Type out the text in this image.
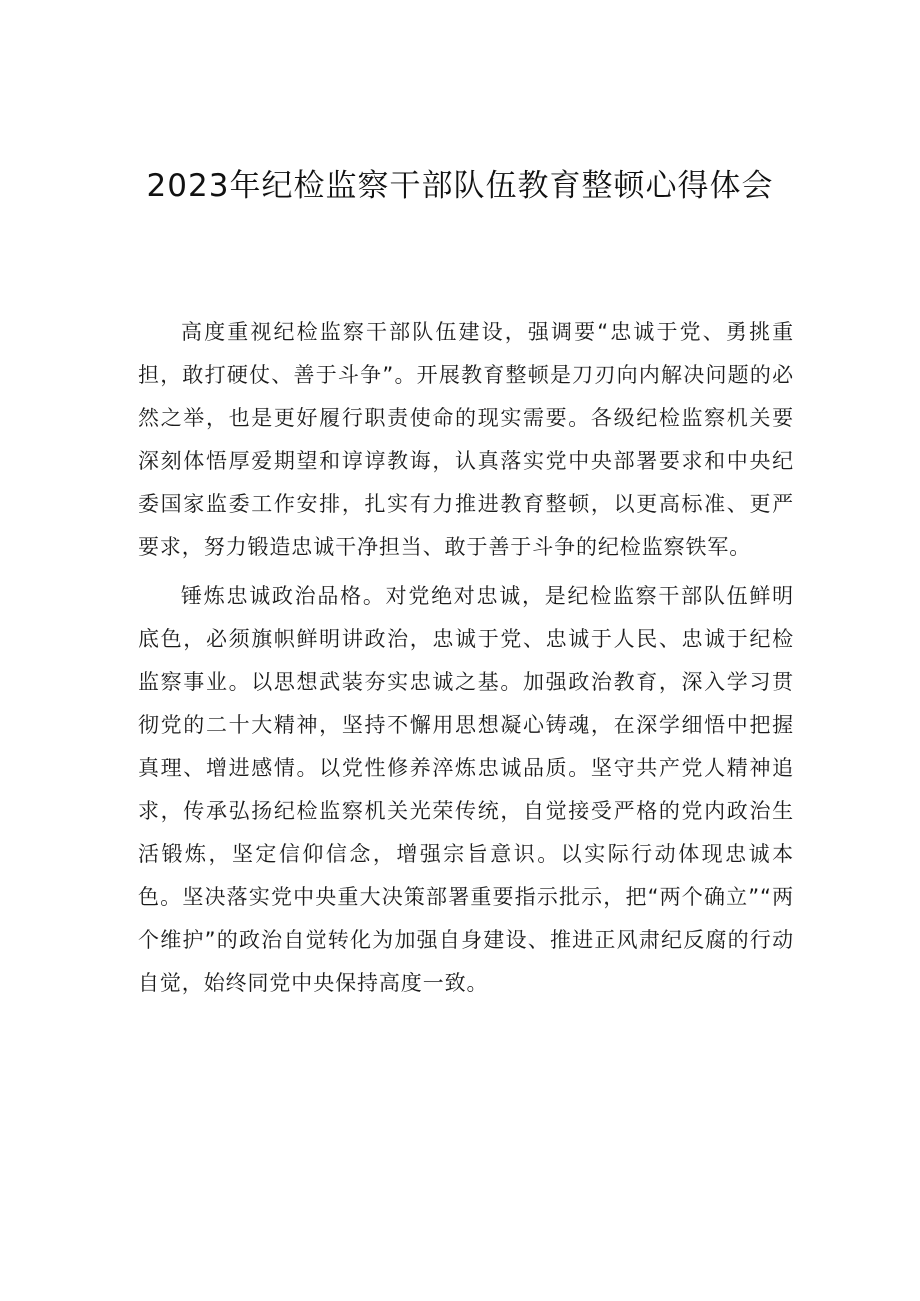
2023年纪检监察干部队伍教育整顿心得体会

高度重视纪检监察干部队伍建设，强调要“忠诚于党、勇挑重担，敢打硬仗、善于斗争”。开展教育整顿是刀刃向内解决问题的必然之举，也是更好履行职责使命的现实需要。各级纪检监察机关要深刻体悟厚爱期望和谆谆教诲，认真落实党中央部署要求和中央纪委国家监委工作安排，扎实有力推进教育整顿，以更高标准、更严要求，努力锻造忠诚干净担当、敢于善于斗争的纪检监察铁军。

锤炼忠诚政治品格。对党绝对忠诚，是纪检监察干部队伍鲜明底色，必须旗帜鲜明讲政治，忠诚于党、忠诚于人民、忠诚于纪检监察事业。以思想武装夯实忠诚之基。加强政治教育，深入学习贯彻党的二十大精神，坚持不懈用思想凝心铸魂，在深学细悟中把握真理、增进感情。以党性修养淬炼忠诚品质。坚守共产党人精神追求，传承弘扬纪检监察机关光荣传统，自觉接受严格的党内政治生活锻炼，坚定信仰信念，增强宗旨意识。以实际行动体现忠诚本色。坚决落实党中央重大决策部署重要指示批示，把“两个确立”“两个维护”的政治自觉转化为加强自身建设、推进正风肃纪反腐的行动自觉，始终同党中央保持高度一致。
